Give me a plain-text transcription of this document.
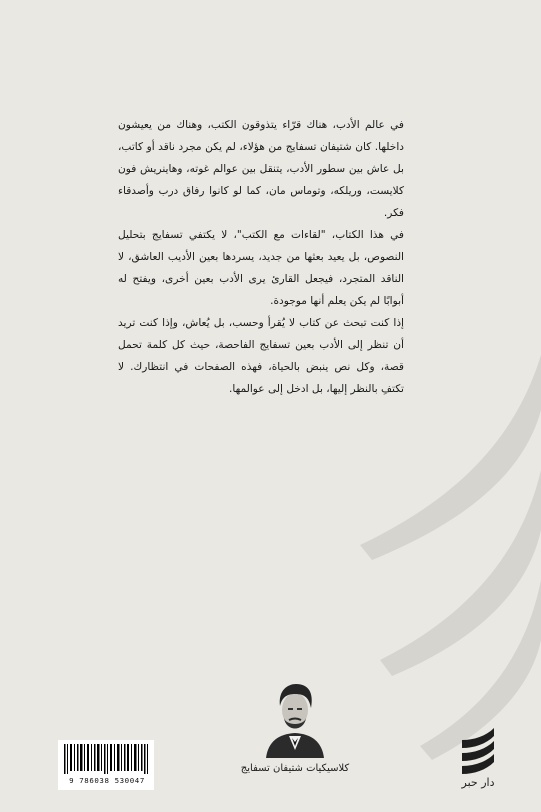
في عالم الأدب، هناك قرّاء يتذوقون الكتب، وهناك من يعيشون داخلها. كان شتيفان تسفايج من هؤلاء، لم يكن مجرد ناقد أو كاتب، بل عاش بين سطور الأدب، يتنقل بين عوالم غوته، وهاينريش فون كلايست، وريلكه، وتوماس مان، كما لو كانوا رفاق درب وأصدقاء فكر.

في هذا الكتاب، "لقاءات مع الكتب"، لا يكتفي تسفايج بتحليل النصوص، بل يعيد بعثها من جديد، يسردها بعين الأديب العاشق، لا الناقد المتجرد، فيجعل القارئ يرى الأدب بعين أخرى، ويفتح له أبوابًا لم يكن يعلم أنها موجودة.

إذا كنت تبحث عن كتاب لا يُقرأ وحسب، بل يُعاش، وإذا كنت تريد أن تنظر إلى الأدب بعين تسفايج الفاحصة، حيث كل كلمة تحمل قصة، وكل نص ينبض بالحياة، فهذه الصفحات في انتظارك. لا تكتفِ بالنظر إليها، بل ادخل إلى عوالمها.

كلاسيكيات شتيفان تسفايج
9 786038 530047	دار حبر
